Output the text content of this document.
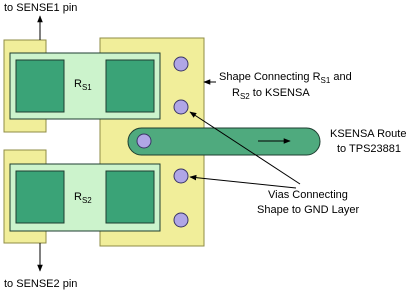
$R_{S1}$
$R_{S2}$
to SENSE1 pin
to SENSE2 pin
Shape Connecting $R_{S1}$ and
$R_{S2}$ to KSENSA
KSENSA Route
to TPS23881
Vias Connecting
Shape to GND Layer
